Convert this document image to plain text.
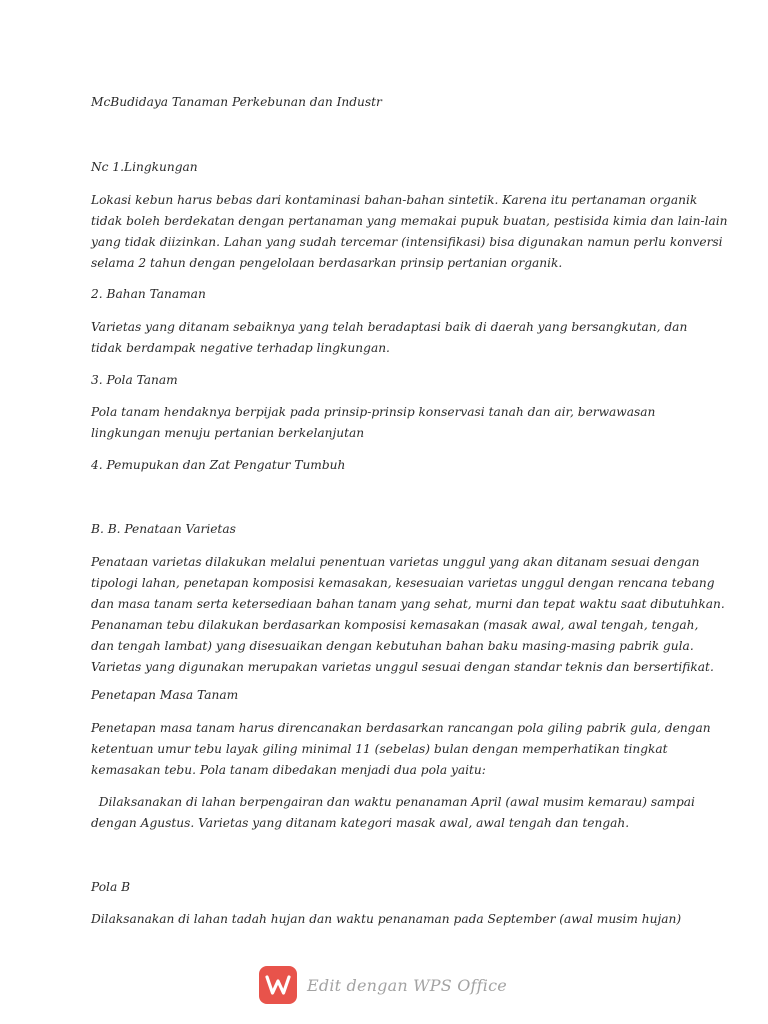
McBudidaya Tanaman Perkebunan dan Industr
Nc 1.Lingkungan
Lokasi kebun harus bebas dari kontaminasi bahan-bahan sintetik. Karena itu pertanaman organik
tidak boleh berdekatan dengan pertanaman yang memakai pupuk buatan, pestisida kimia dan lain-lain
yang tidak diizinkan. Lahan yang sudah tercemar (intensifikasi) bisa digunakan namun perlu konversi
selama 2 tahun dengan pengelolaan berdasarkan prinsip pertanian organik.
2. Bahan Tanaman
Varietas yang ditanam sebaiknya yang telah beradaptasi baik di daerah yang bersangkutan, dan
tidak berdampak negative terhadap lingkungan.
3. Pola Tanam
Pola tanam hendaknya berpijak pada prinsip-prinsip konservasi tanah dan air, berwawasan
lingkungan menuju pertanian berkelanjutan
4. Pemupukan dan Zat Pengatur Tumbuh
B. B. Penataan Varietas
Penataan varietas dilakukan melalui penentuan varietas unggul yang akan ditanam sesuai dengan
tipologi lahan, penetapan komposisi kemasakan, kesesuaian varietas unggul dengan rencana tebang
dan masa tanam serta ketersediaan bahan tanam yang sehat, murni dan tepat waktu saat dibutuhkan.
Penanaman tebu dilakukan berdasarkan komposisi kemasakan (masak awal, awal tengah, tengah,
dan tengah lambat) yang disesuaikan dengan kebutuhan bahan baku masing-masing pabrik gula.
Varietas yang digunakan merupakan varietas unggul sesuai dengan standar teknis dan bersertifikat.
Penetapan Masa Tanam
Penetapan masa tanam harus direncanakan berdasarkan rancangan pola giling pabrik gula, dengan
ketentuan umur tebu layak giling minimal 11 (sebelas) bulan dengan memperhatikan tingkat
kemasakan tebu. Pola tanam dibedakan menjadi dua pola yaitu:
Dilaksanakan di lahan berpengairan dan waktu penanaman April (awal musim kemarau) sampai
dengan Agustus. Varietas yang ditanam kategori masak awal, awal tengah dan tengah.
Pola B
Dilaksanakan di lahan tadah hujan dan waktu penanaman pada September (awal musim hujan)
Edit dengan WPS Office
